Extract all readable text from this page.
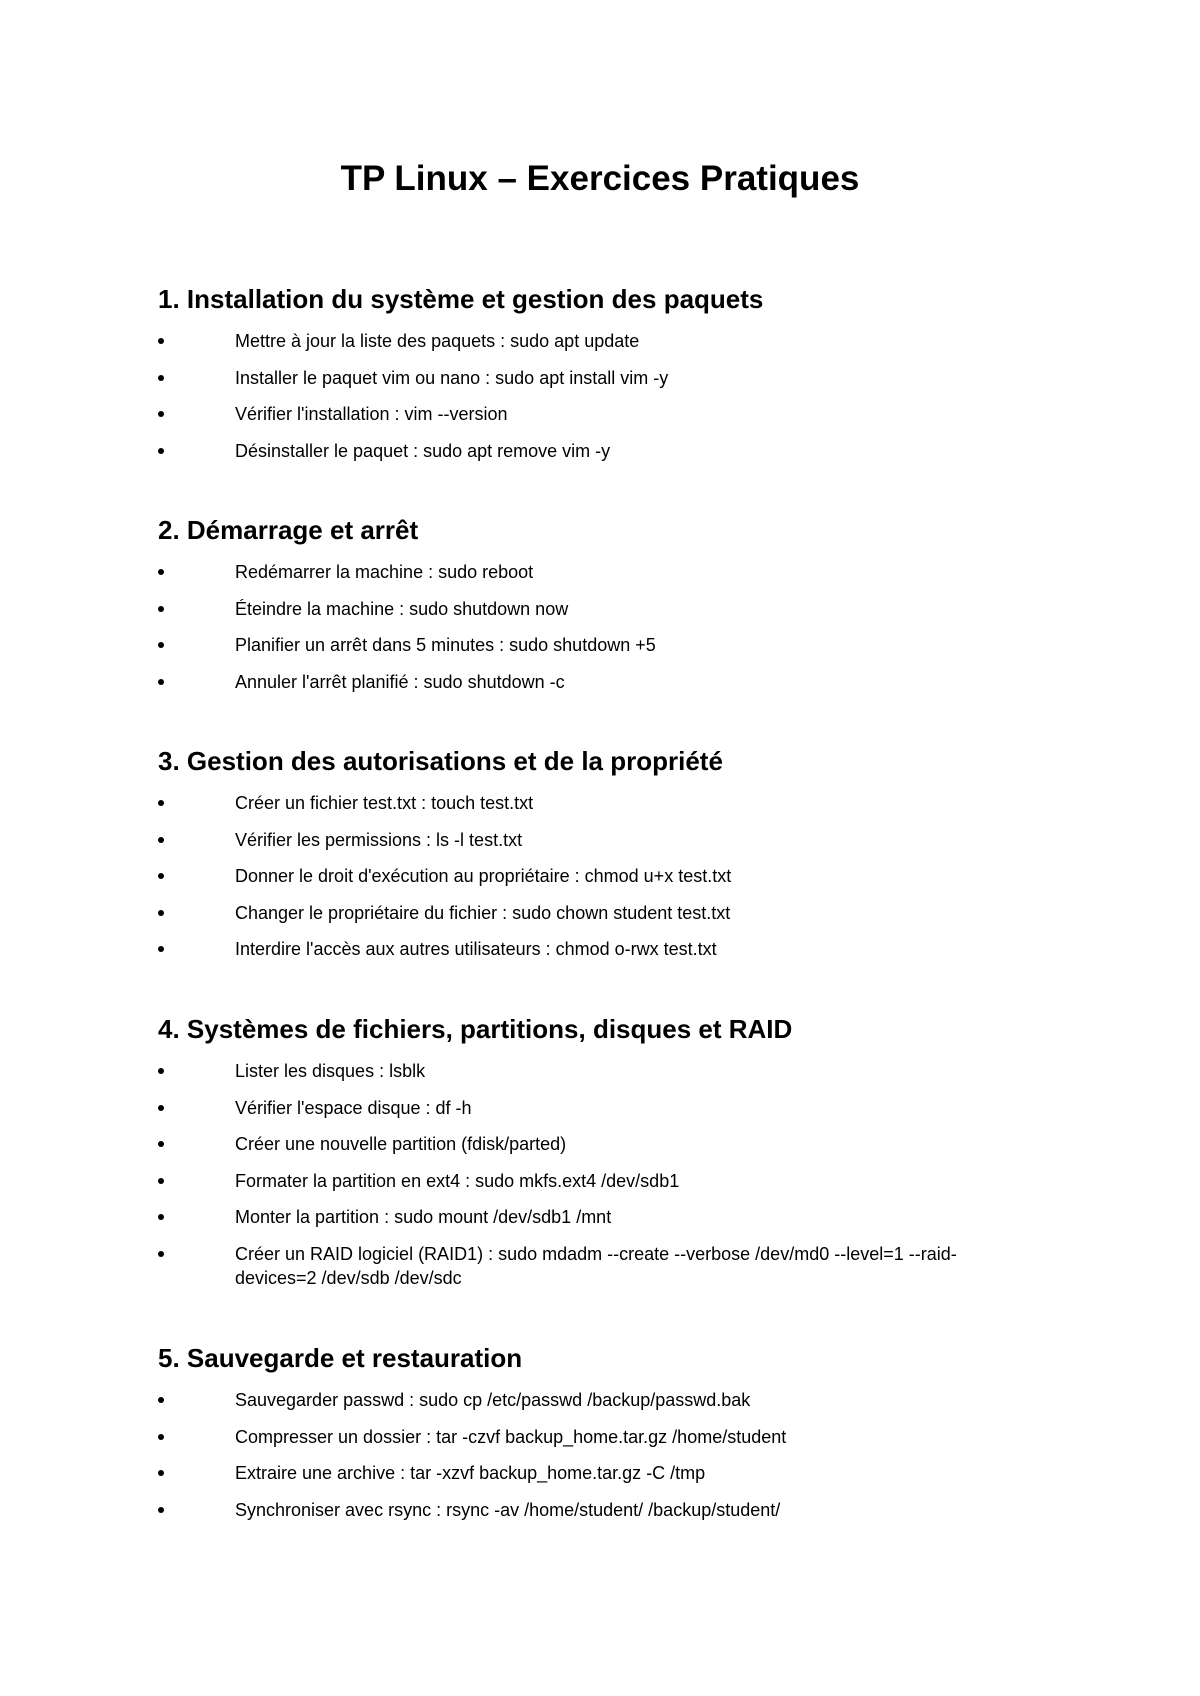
TP Linux – Exercices Pratiques
1. Installation du système et gestion des paquets
Mettre à jour la liste des paquets : sudo apt update
Installer le paquet vim ou nano : sudo apt install vim -y
Vérifier l'installation : vim --version
Désinstaller le paquet : sudo apt remove vim -y
2. Démarrage et arrêt
Redémarrer la machine : sudo reboot
Éteindre la machine : sudo shutdown now
Planifier un arrêt dans 5 minutes : sudo shutdown +5
Annuler l'arrêt planifié : sudo shutdown -c
3. Gestion des autorisations et de la propriété
Créer un fichier test.txt : touch test.txt
Vérifier les permissions : ls -l test.txt
Donner le droit d'exécution au propriétaire : chmod u+x test.txt
Changer le propriétaire du fichier : sudo chown student test.txt
Interdire l'accès aux autres utilisateurs : chmod o-rwx test.txt
4. Systèmes de fichiers, partitions, disques et RAID
Lister les disques : lsblk
Vérifier l'espace disque : df -h
Créer une nouvelle partition (fdisk/parted)
Formater la partition en ext4 : sudo mkfs.ext4 /dev/sdb1
Monter la partition : sudo mount /dev/sdb1 /mnt
Créer un RAID logiciel (RAID1) : sudo mdadm --create --verbose /dev/md0 --level=1 --raid-devices=2 /dev/sdb /dev/sdc
5. Sauvegarde et restauration
Sauvegarder passwd : sudo cp /etc/passwd /backup/passwd.bak
Compresser un dossier : tar -czvf backup_home.tar.gz /home/student
Extraire une archive : tar -xzvf backup_home.tar.gz -C /tmp
Synchroniser avec rsync : rsync -av /home/student/ /backup/student/
